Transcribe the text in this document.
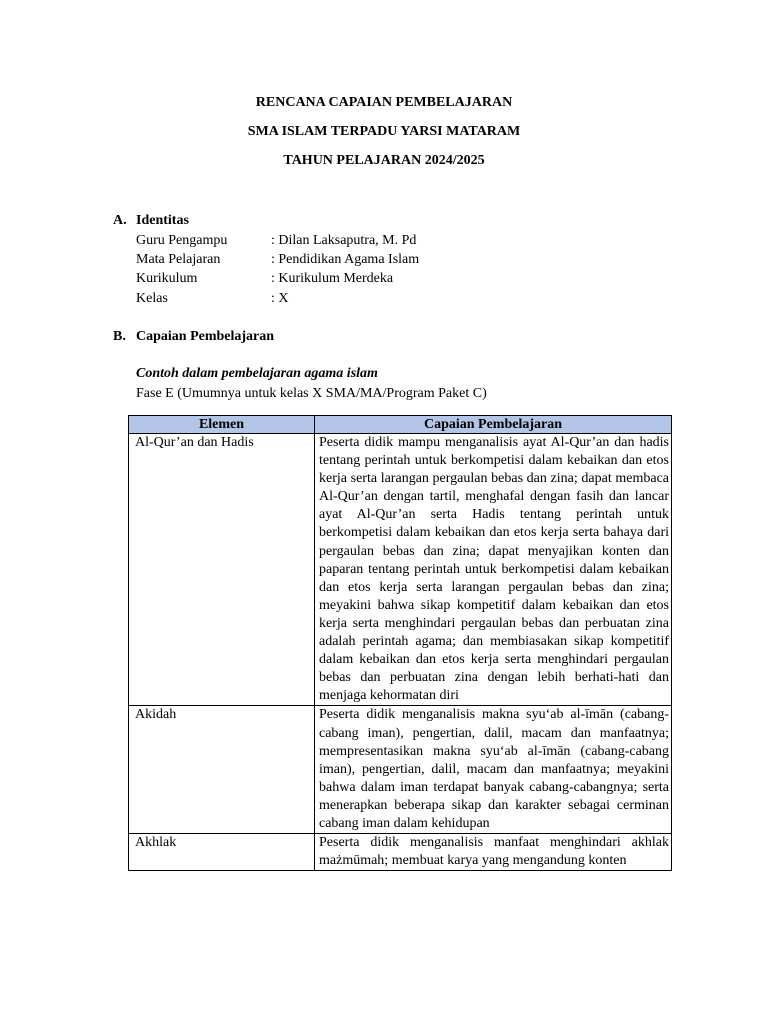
RENCANA CAPAIAN PEMBELAJARAN
SMA ISLAM TERPADU YARSI MATARAM
TAHUN PELAJARAN 2024/2025
A. Identitas
Guru Pengampu	: Dilan Laksaputra, M. Pd
Mata Pelajaran	: Pendidikan Agama Islam
Kurikulum	: Kurikulum Merdeka
Kelas	: X
B. Capaian Pembelajaran
Contoh dalam pembelajaran agama islam
Fase E (Umumnya untuk kelas X SMA/MA/Program Paket C)
Elemen	Capaian Pembelajaran
Al-Qur’an dan Hadis	Peserta didik mampu menganalisis ayat Al-Qur’an dan hadis tentang perintah untuk berkompetisi dalam kebaikan dan etos kerja serta larangan pergaulan bebas dan zina; dapat membaca Al-Qur’an dengan tartil, menghafal dengan fasih dan lancar ayat Al-Qur’an serta Hadis tentang perintah untuk berkompetisi dalam kebaikan dan etos kerja serta bahaya dari pergaulan bebas dan zina; dapat menyajikan konten dan paparan tentang perintah untuk berkompetisi dalam kebaikan dan etos kerja serta larangan pergaulan bebas dan zina; meyakini bahwa sikap kompetitif dalam kebaikan dan etos kerja serta menghindari pergaulan bebas dan perbuatan zina adalah perintah agama; dan membiasakan sikap kompetitif dalam kebaikan dan etos kerja serta menghindari pergaulan bebas dan perbuatan zina dengan lebih berhati-hati dan menjaga kehormatan diri
Akidah	Peserta didik menganalisis makna syu‘ab al-īmān (cabang-cabang iman), pengertian, dalil, macam dan manfaatnya; mempresentasikan makna syu‘ab al-īmān (cabang-cabang iman), pengertian, dalil, macam dan manfaatnya; meyakini bahwa dalam iman terdapat banyak cabang-cabangnya; serta menerapkan beberapa sikap dan karakter sebagai cerminan cabang iman dalam kehidupan
Akhlak	Peserta didik menganalisis manfaat menghindari akhlak mażmūmah; membuat karya yang mengandung konten
